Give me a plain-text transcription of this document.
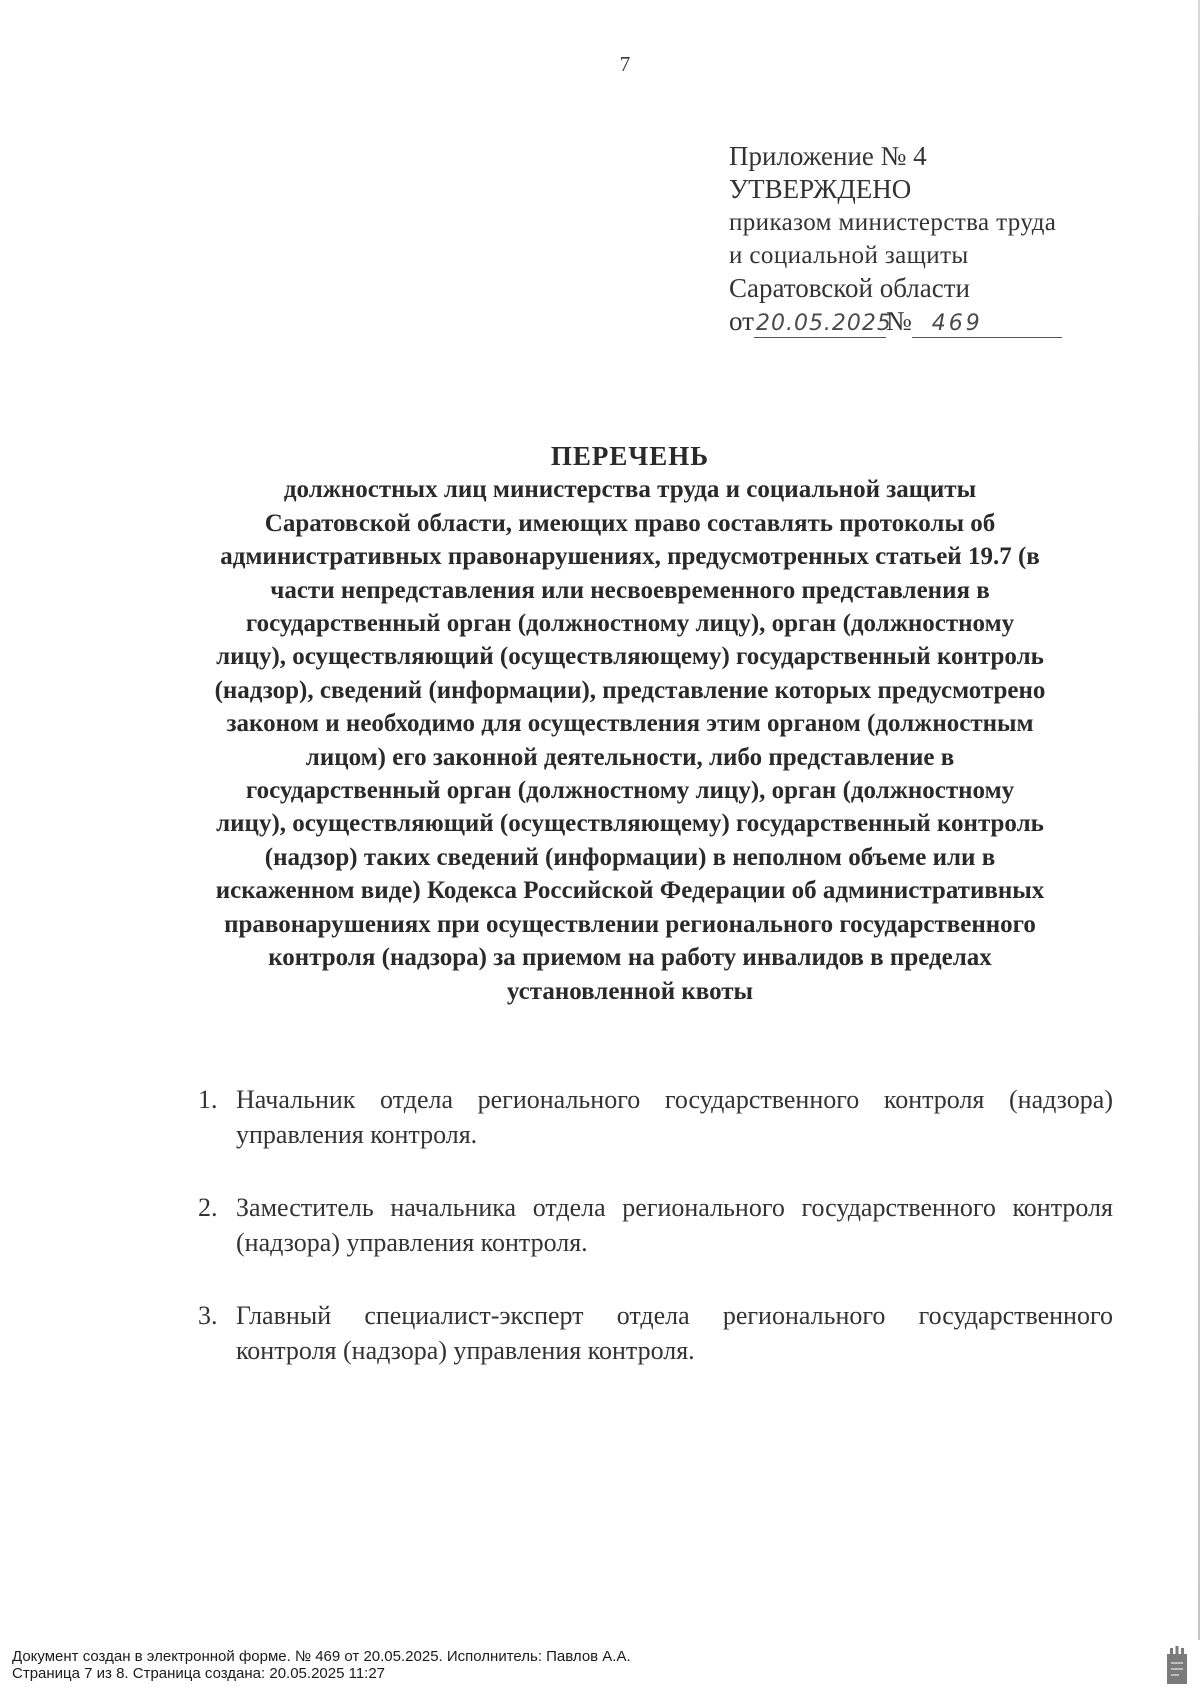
7
Приложение № 4
УТВЕРЖДЕНО
приказом министерства труда
и социальной защиты
Саратовской области
от20.05.2025№ 469
ПЕРЕЧЕНЬ
должностных лиц министерства труда и социальной защиты
Саратовской области, имеющих право составлять протоколы об
административных правонарушениях, предусмотренных статьей 19.7 (в
части непредставления или несвоевременного представления в
государственный орган (должностному лицу), орган (должностному
лицу), осуществляющий (осуществляющему) государственный контроль
(надзор), сведений (информации), представление которых предусмотрено
законом и необходимо для осуществления этим органом (должностным
лицом) его законной деятельности, либо представление в
государственный орган (должностному лицу), орган (должностному
лицу), осуществляющий (осуществляющему) государственный контроль
(надзор) таких сведений (информации) в неполном объеме или в
искаженном виде) Кодекса Российской Федерации об административных
правонарушениях при осуществлении регионального государственного
контроля (надзора) за приемом на работу инвалидов в пределах
установленной квоты
1. Начальник отдела регионального государственного контроля (надзора) управления контроля.
2. Заместитель начальника отдела регионального государственного контроля (надзора) управления контроля.
3. Главный специалист-эксперт отдела регионального государственного контроля (надзора) управления контроля.
Документ создан в электронной форме. № 469 от 20.05.2025. Исполнитель: Павлов А.А.
Страница 7 из 8. Страница создана: 20.05.2025 11:27
